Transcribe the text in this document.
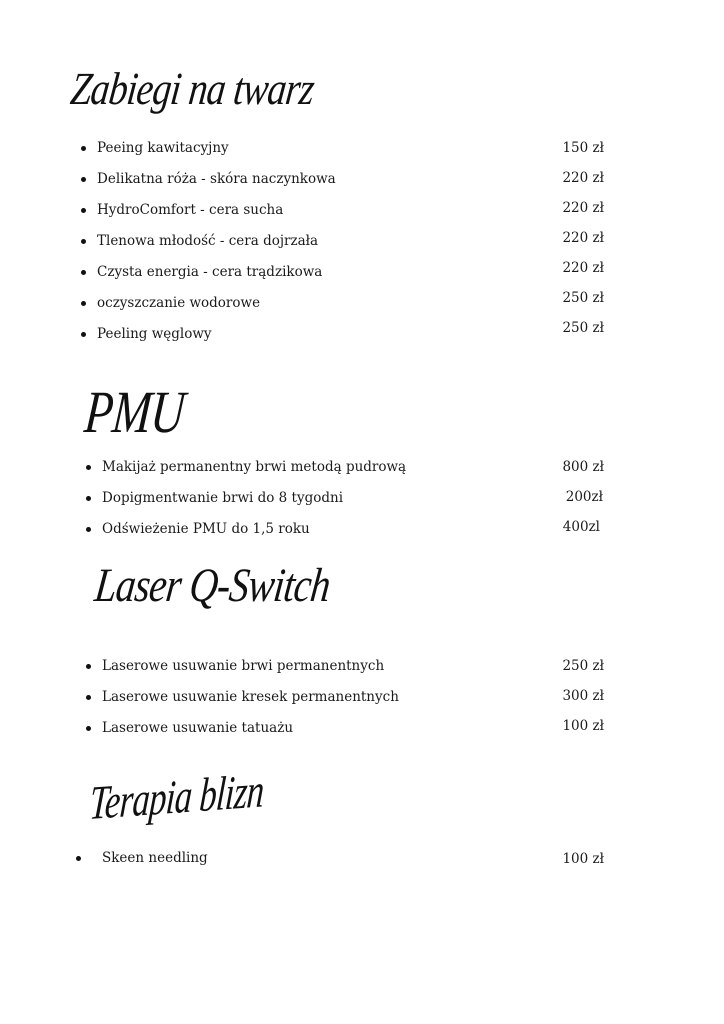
Zabiegi na twarz
Peeing kawitacyjny	150 zł
Delikatna róża - skóra naczynkowa	220 zł
HydroComfort - cera sucha	220 zł
Tlenowa młodość - cera dojrzała	220 zł
Czysta energia - cera trądzikowa	220 zł
oczyszczanie wodorowe	250 zł
Peeling węglowy	250 zł
PMU
Makijaż permanentny brwi metodą pudrową	800 zł
Dopigmentwanie brwi do 8 tygodni	200zł
Odświeżenie PMU do 1,5 roku	400zl
Laser Q-Switch
Laserowe usuwanie brwi permanentnych	250 zł
Laserowe usuwanie kresek permanentnych	300 zł
Laserowe usuwanie tatuażu	100 zł
Terapia blizn
Skeen needling	100 zł
